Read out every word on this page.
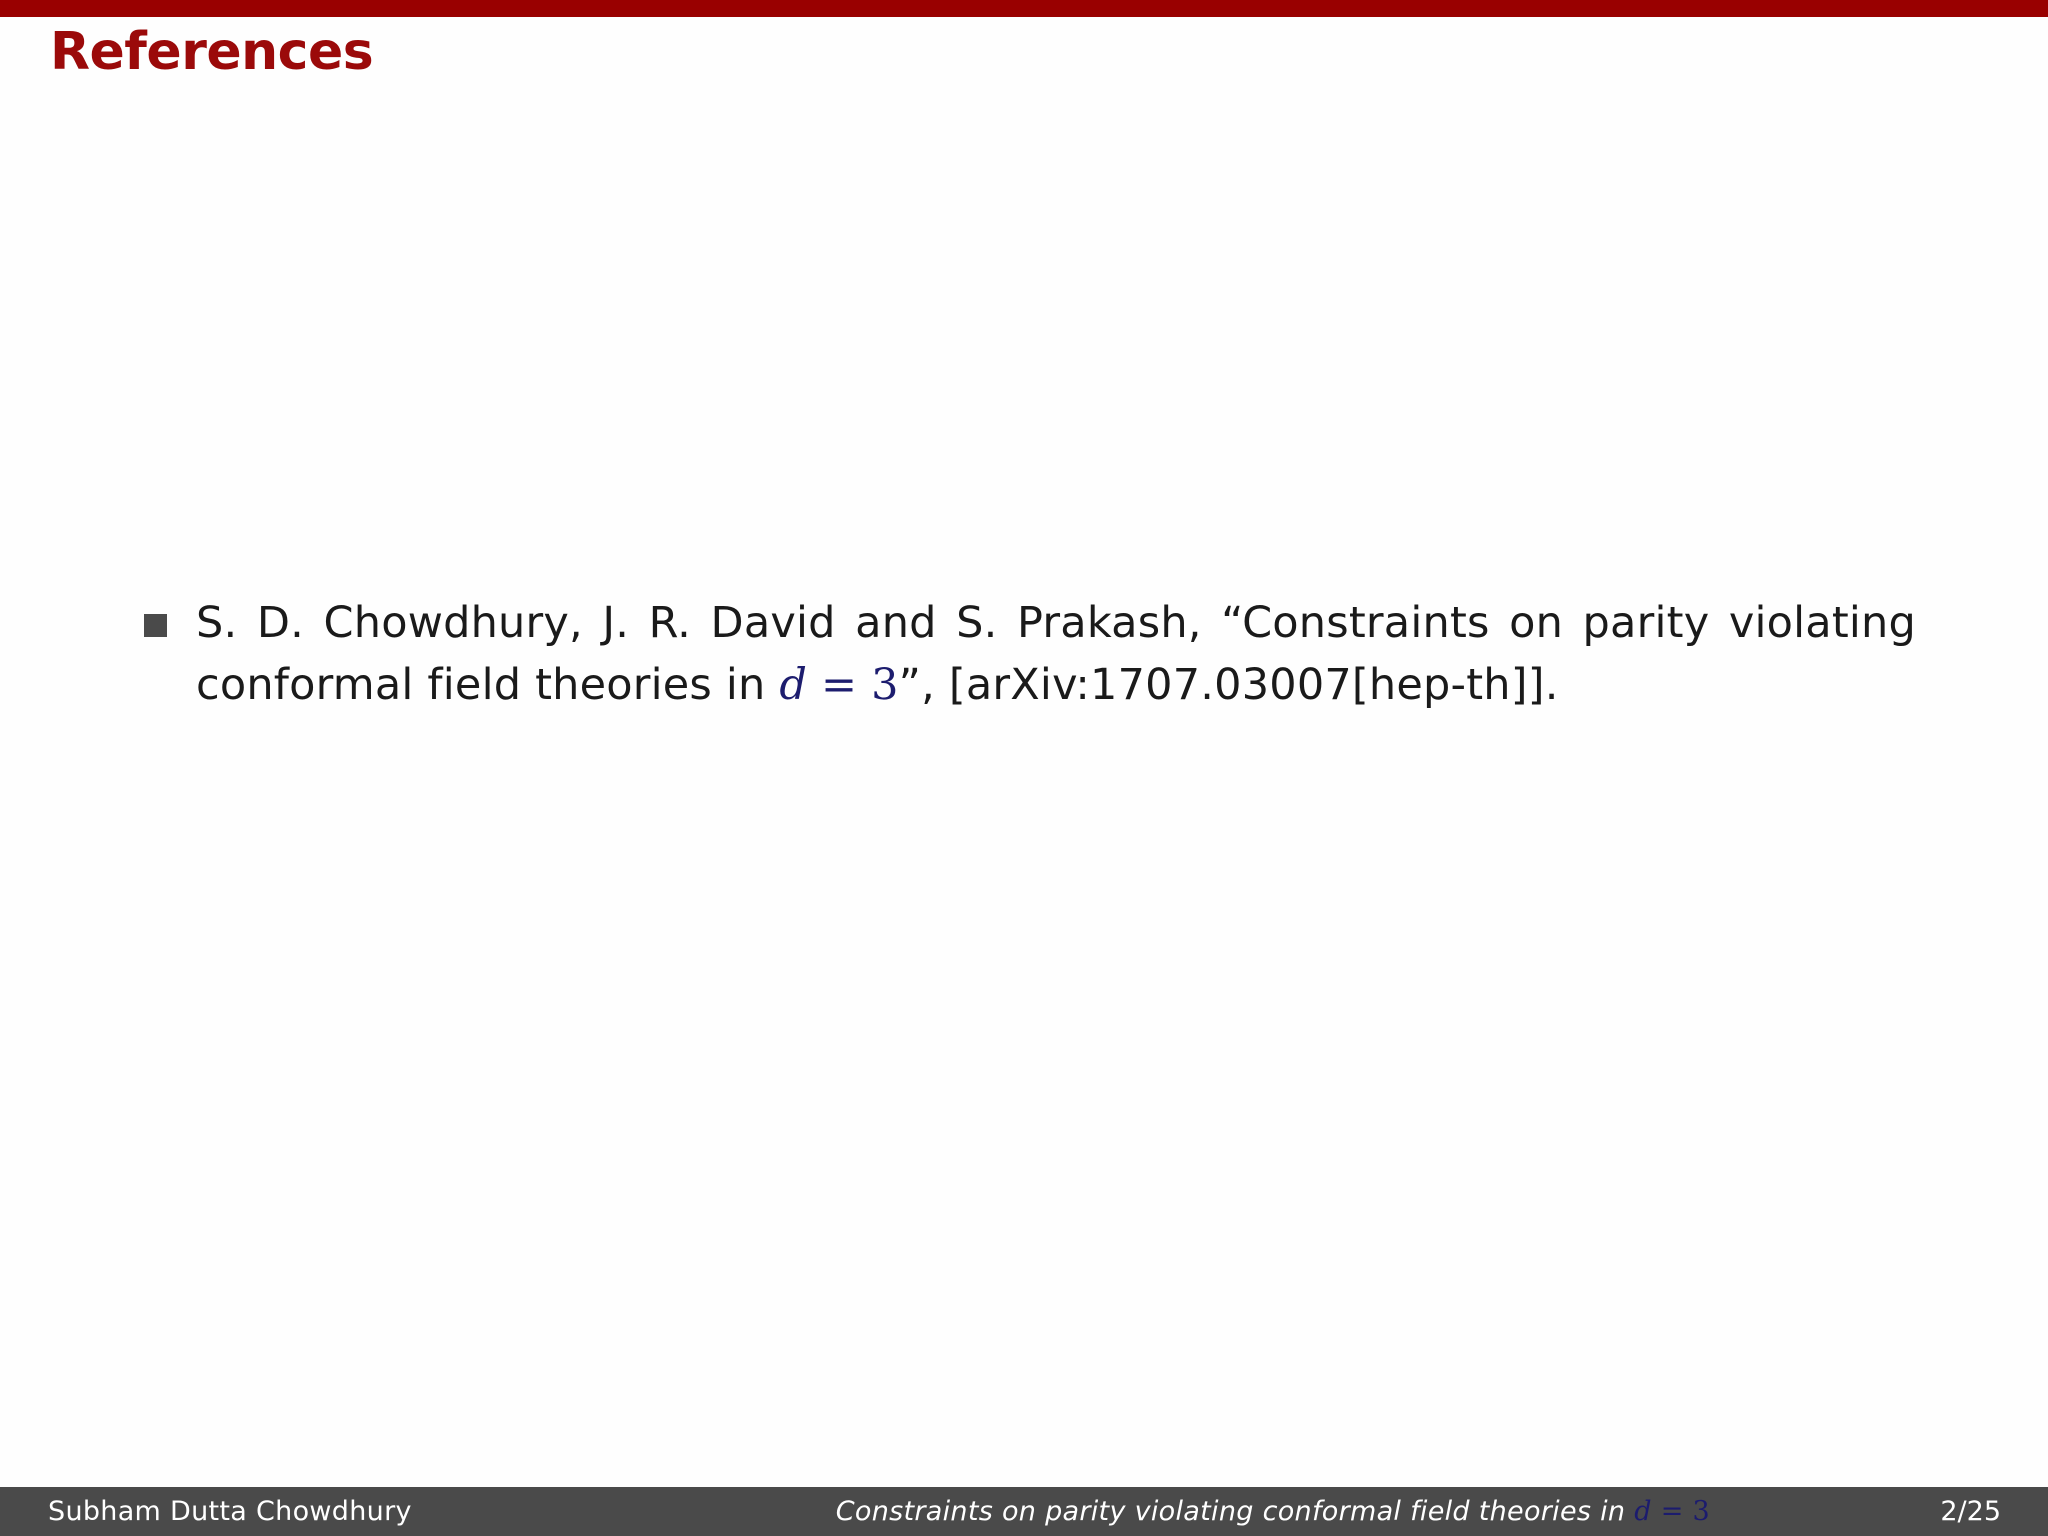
References
S. D. Chowdhury, J. R. David and S. Prakash, “Constraints on parity violating conformal field theories in d = 3”, [arXiv:1707.03007[hep-th]].
Subham Dutta Chowdhury	Constraints on parity violating conformal field theories in d = 3	2/25
